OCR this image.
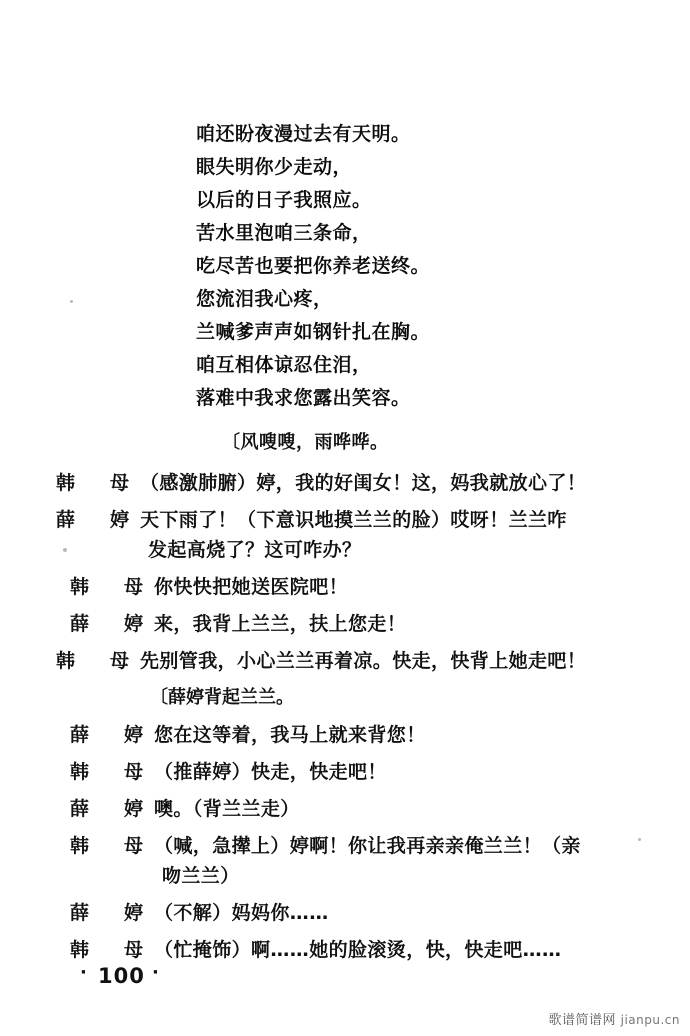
咱还盼夜漫过去有天明。
眼失明你少走动，
以后的日子我照应。
苦水里泡咱三条命，
吃尽苦也要把你养老送终。
您流泪我心疼，
兰喊爹声声如钢针扎在胸。
咱互相体谅忍住泪，
落难中我求您露出笑容。
〔风嗖嗖，雨哗哗。
韩　母 （感激肺腑）婷，我的好闺女！这，妈我就放心了！
薛　婷 天下雨了！（下意识地摸兰兰的脸）哎呀！兰兰咋
发起高烧了？这可咋办？
韩　母 你快快把她送医院吧！
薛　婷 来，我背上兰兰，扶上您走！
韩　母 先别管我，小心兰兰再着凉。快走，快背上她走吧！
〔薛婷背起兰兰。
薛　婷 您在这等着，我马上就来背您！
韩　母 （推薛婷）快走，快走吧！
薛　婷 噢。（背兰兰走）
韩　母 （喊，急撵上）婷啊！你让我再亲亲俺兰兰！（亲
吻兰兰）
薛　婷 （不解）妈妈你……
韩　母 （忙掩饰）啊……她的脸滚烫，快，快走吧……
· 100 ·
歌谱简谱网 jianpu.cn
